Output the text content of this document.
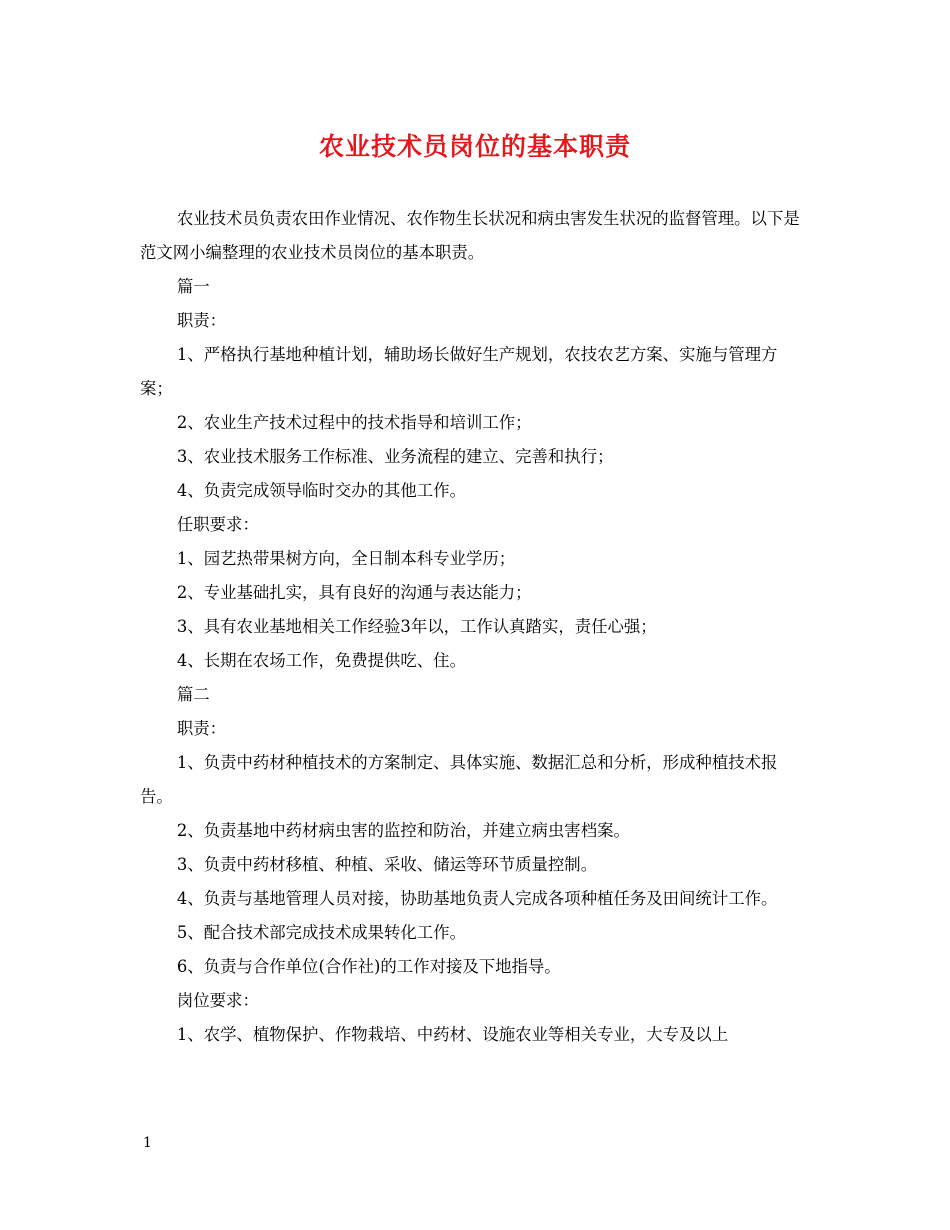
农业技术员岗位的基本职责

农业技术员负责农田作业情况、农作物生长状况和病虫害发生状况的监督管理。以下是范文网小编整理的农业技术员岗位的基本职责。

篇一

职责：

1、严格执行基地种植计划，辅助场长做好生产规划，农技农艺方案、实施与管理方案；

2、农业生产技术过程中的技术指导和培训工作；

3、农业技术服务工作标准、业务流程的建立、完善和执行；

4、负责完成领导临时交办的其他工作。

任职要求：

1、园艺热带果树方向，全日制本科专业学历；

2、专业基础扎实，具有良好的沟通与表达能力；

3、具有农业基地相关工作经验3年以，工作认真踏实，责任心强；

4、长期在农场工作，免费提供吃、住。

篇二

职责：

1、负责中药材种植技术的方案制定、具体实施、数据汇总和分析，形成种植技术报告。

2、负责基地中药材病虫害的监控和防治，并建立病虫害档案。

3、负责中药材移植、种植、采收、储运等环节质量控制。

4、负责与基地管理人员对接，协助基地负责人完成各项种植任务及田间统计工作。

5、配合技术部完成技术成果转化工作。

6、负责与合作单位(合作社)的工作对接及下地指导。

岗位要求：

1、农学、植物保护、作物栽培、中药材、设施农业等相关专业，大专及以上

1
